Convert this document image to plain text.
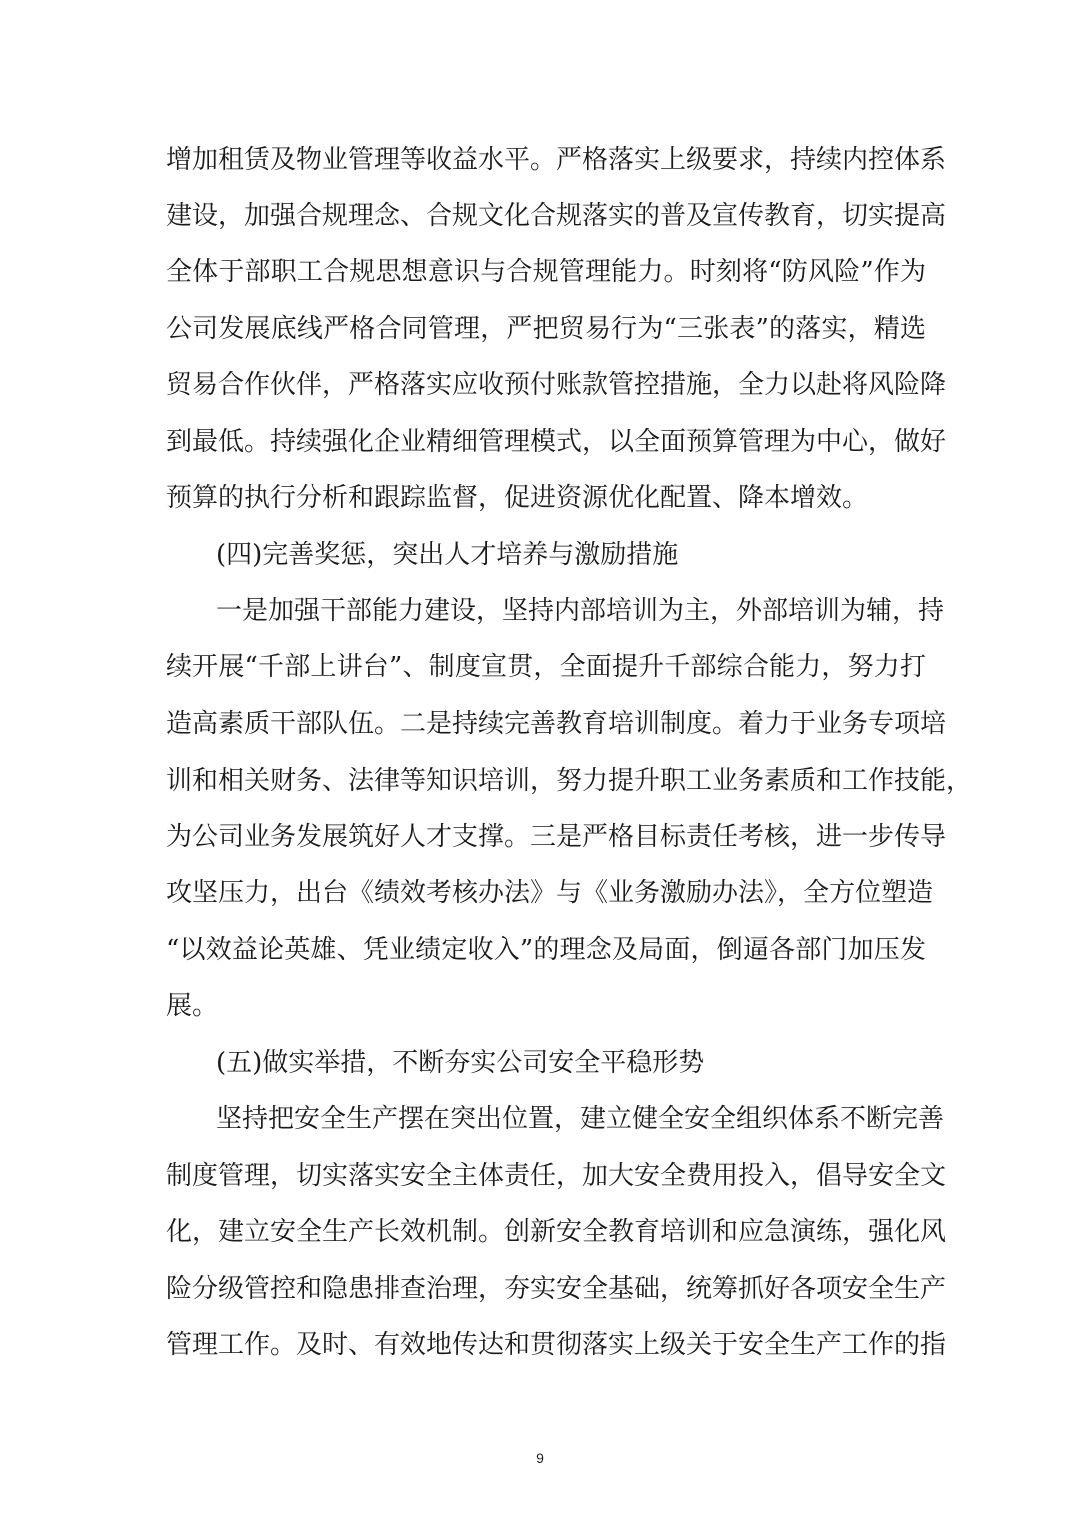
增加租赁及物业管理等收益水平。严格落实上级要求，持续内控体系
建设，加强合规理念、合规文化合规落实的普及宣传教育，切实提高
全体于部职工合规思想意识与合规管理能力。时刻将“防风险”作为
公司发展底线严格合同管理，严把贸易行为“三张表”的落实，精选
贸易合作伙伴，严格落实应收预付账款管控措施，全力以赴将风险降
到最低。持续强化企业精细管理模式，以全面预算管理为中心，做好
预算的执行分析和跟踪监督，促进资源优化配置、降本增效。
(四)完善奖惩，突出人才培养与激励措施
一是加强干部能力建设，坚持内部培训为主，外部培训为辅，持
续开展“千部上讲台”、制度宣贯，全面提升千部综合能力，努力打
造高素质干部队伍。二是持续完善教育培训制度。着力于业务专项培
训和相关财务、法律等知识培训，努力提升职工业务素质和工作技能，
为公司业务发展筑好人才支撑。三是严格目标责任考核，进一步传导
攻坚压力，出台《绩效考核办法》与《业务激励办法》，全方位塑造
“以效益论英雄、凭业绩定收入”的理念及局面，倒逼各部门加压发
展。
(五)做实举措，不断夯实公司安全平稳形势
坚持把安全生产摆在突出位置，建立健全安全组织体系不断完善
制度管理，切实落实安全主体责任，加大安全费用投入，倡导安全文
化，建立安全生产长效机制。创新安全教育培训和应急演练，强化风
险分级管控和隐患排查治理，夯实安全基础，统筹抓好各项安全生产
管理工作。及时、有效地传达和贯彻落实上级关于安全生产工作的指
9
